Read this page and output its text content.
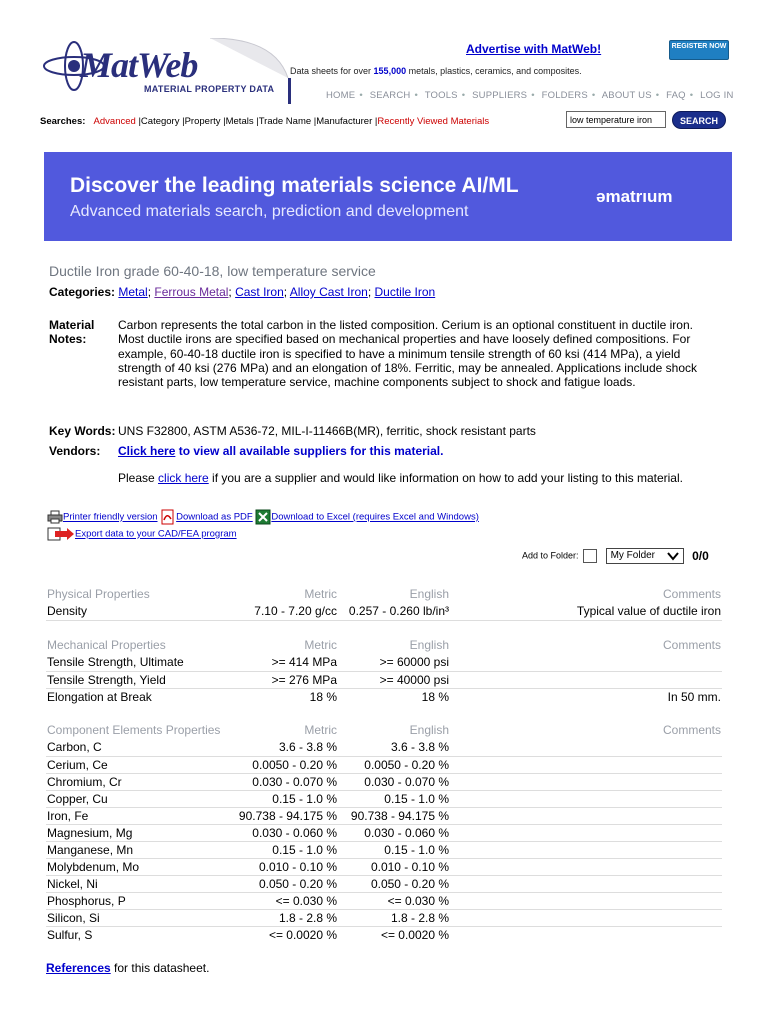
MatWeb
MATERIAL PROPERTY DATA
Advertise with MatWeb!	REGISTER NOW
Data sheets for over 155,000 metals, plastics, ceramics, and composites.
HOME • SEARCH • TOOLS • SUPPLIERS • FOLDERS • ABOUT US • FAQ • LOG IN
Searches: Advanced |Category |Property |Metals |Trade Name |Manufacturer |Recently Viewed Materials
low temperature iron	SEARCH
Discover the leading materials science AI/ML
Advanced materials search, prediction and development
əmatrıum
Ductile Iron grade 60-40-18, low temperature service
Categories: Metal; Ferrous Metal; Cast Iron; Alloy Cast Iron; Ductile Iron
Material Notes:
Carbon represents the total carbon in the listed composition. Cerium is an optional constituent in ductile iron. Most ductile irons are specified based on mechanical properties and have loosely defined compositions. For example, 60-40-18 ductile iron is specified to have a minimum tensile strength of 60 ksi (414 MPa), a yield strength of 40 ksi (276 MPa) and an elongation of 18%. Ferritic, may be annealed. Applications include shock resistant parts, low temperature service, machine components subject to shock and fatigue loads.
Key Words: UNS F32800, ASTM A536-72, MIL-I-11466B(MR), ferritic, shock resistant parts
Vendors: Click here to view all available suppliers for this material.
Please click here if you are a supplier and would like information on how to add your listing to this material.
Printer friendly version Download as PDF Download to Excel (requires Excel and Windows)
Export data to your CAD/FEA program
Add to Folder:	My Folder	0/0
Physical Properties	Metric	English	Comments
Density	7.10 - 7.20 g/cc	0.257 - 0.260 lb/in³	Typical value of ductile iron
Mechanical Properties	Metric	English	Comments
Tensile Strength, Ultimate	>= 414 MPa	>= 60000 psi	
Tensile Strength, Yield	>= 276 MPa	>= 40000 psi	
Elongation at Break	18 %	18 %	In 50 mm.
Component Elements Properties	Metric	English	Comments
Carbon, C	3.6 - 3.8 %	3.6 - 3.8 %	
Cerium, Ce	0.0050 - 0.20 %	0.0050 - 0.20 %	
Chromium, Cr	0.030 - 0.070 %	0.030 - 0.070 %	
Copper, Cu	0.15 - 1.0 %	0.15 - 1.0 %	
Iron, Fe	90.738 - 94.175 %	90.738 - 94.175 %	
Magnesium, Mg	0.030 - 0.060 %	0.030 - 0.060 %	
Manganese, Mn	0.15 - 1.0 %	0.15 - 1.0 %	
Molybdenum, Mo	0.010 - 0.10 %	0.010 - 0.10 %	
Nickel, Ni	0.050 - 0.20 %	0.050 - 0.20 %	
Phosphorus, P	<= 0.030 %	<= 0.030 %	
Silicon, Si	1.8 - 2.8 %	1.8 - 2.8 %	
Sulfur, S	<= 0.0020 %	<= 0.0020 %	
References for this datasheet.
